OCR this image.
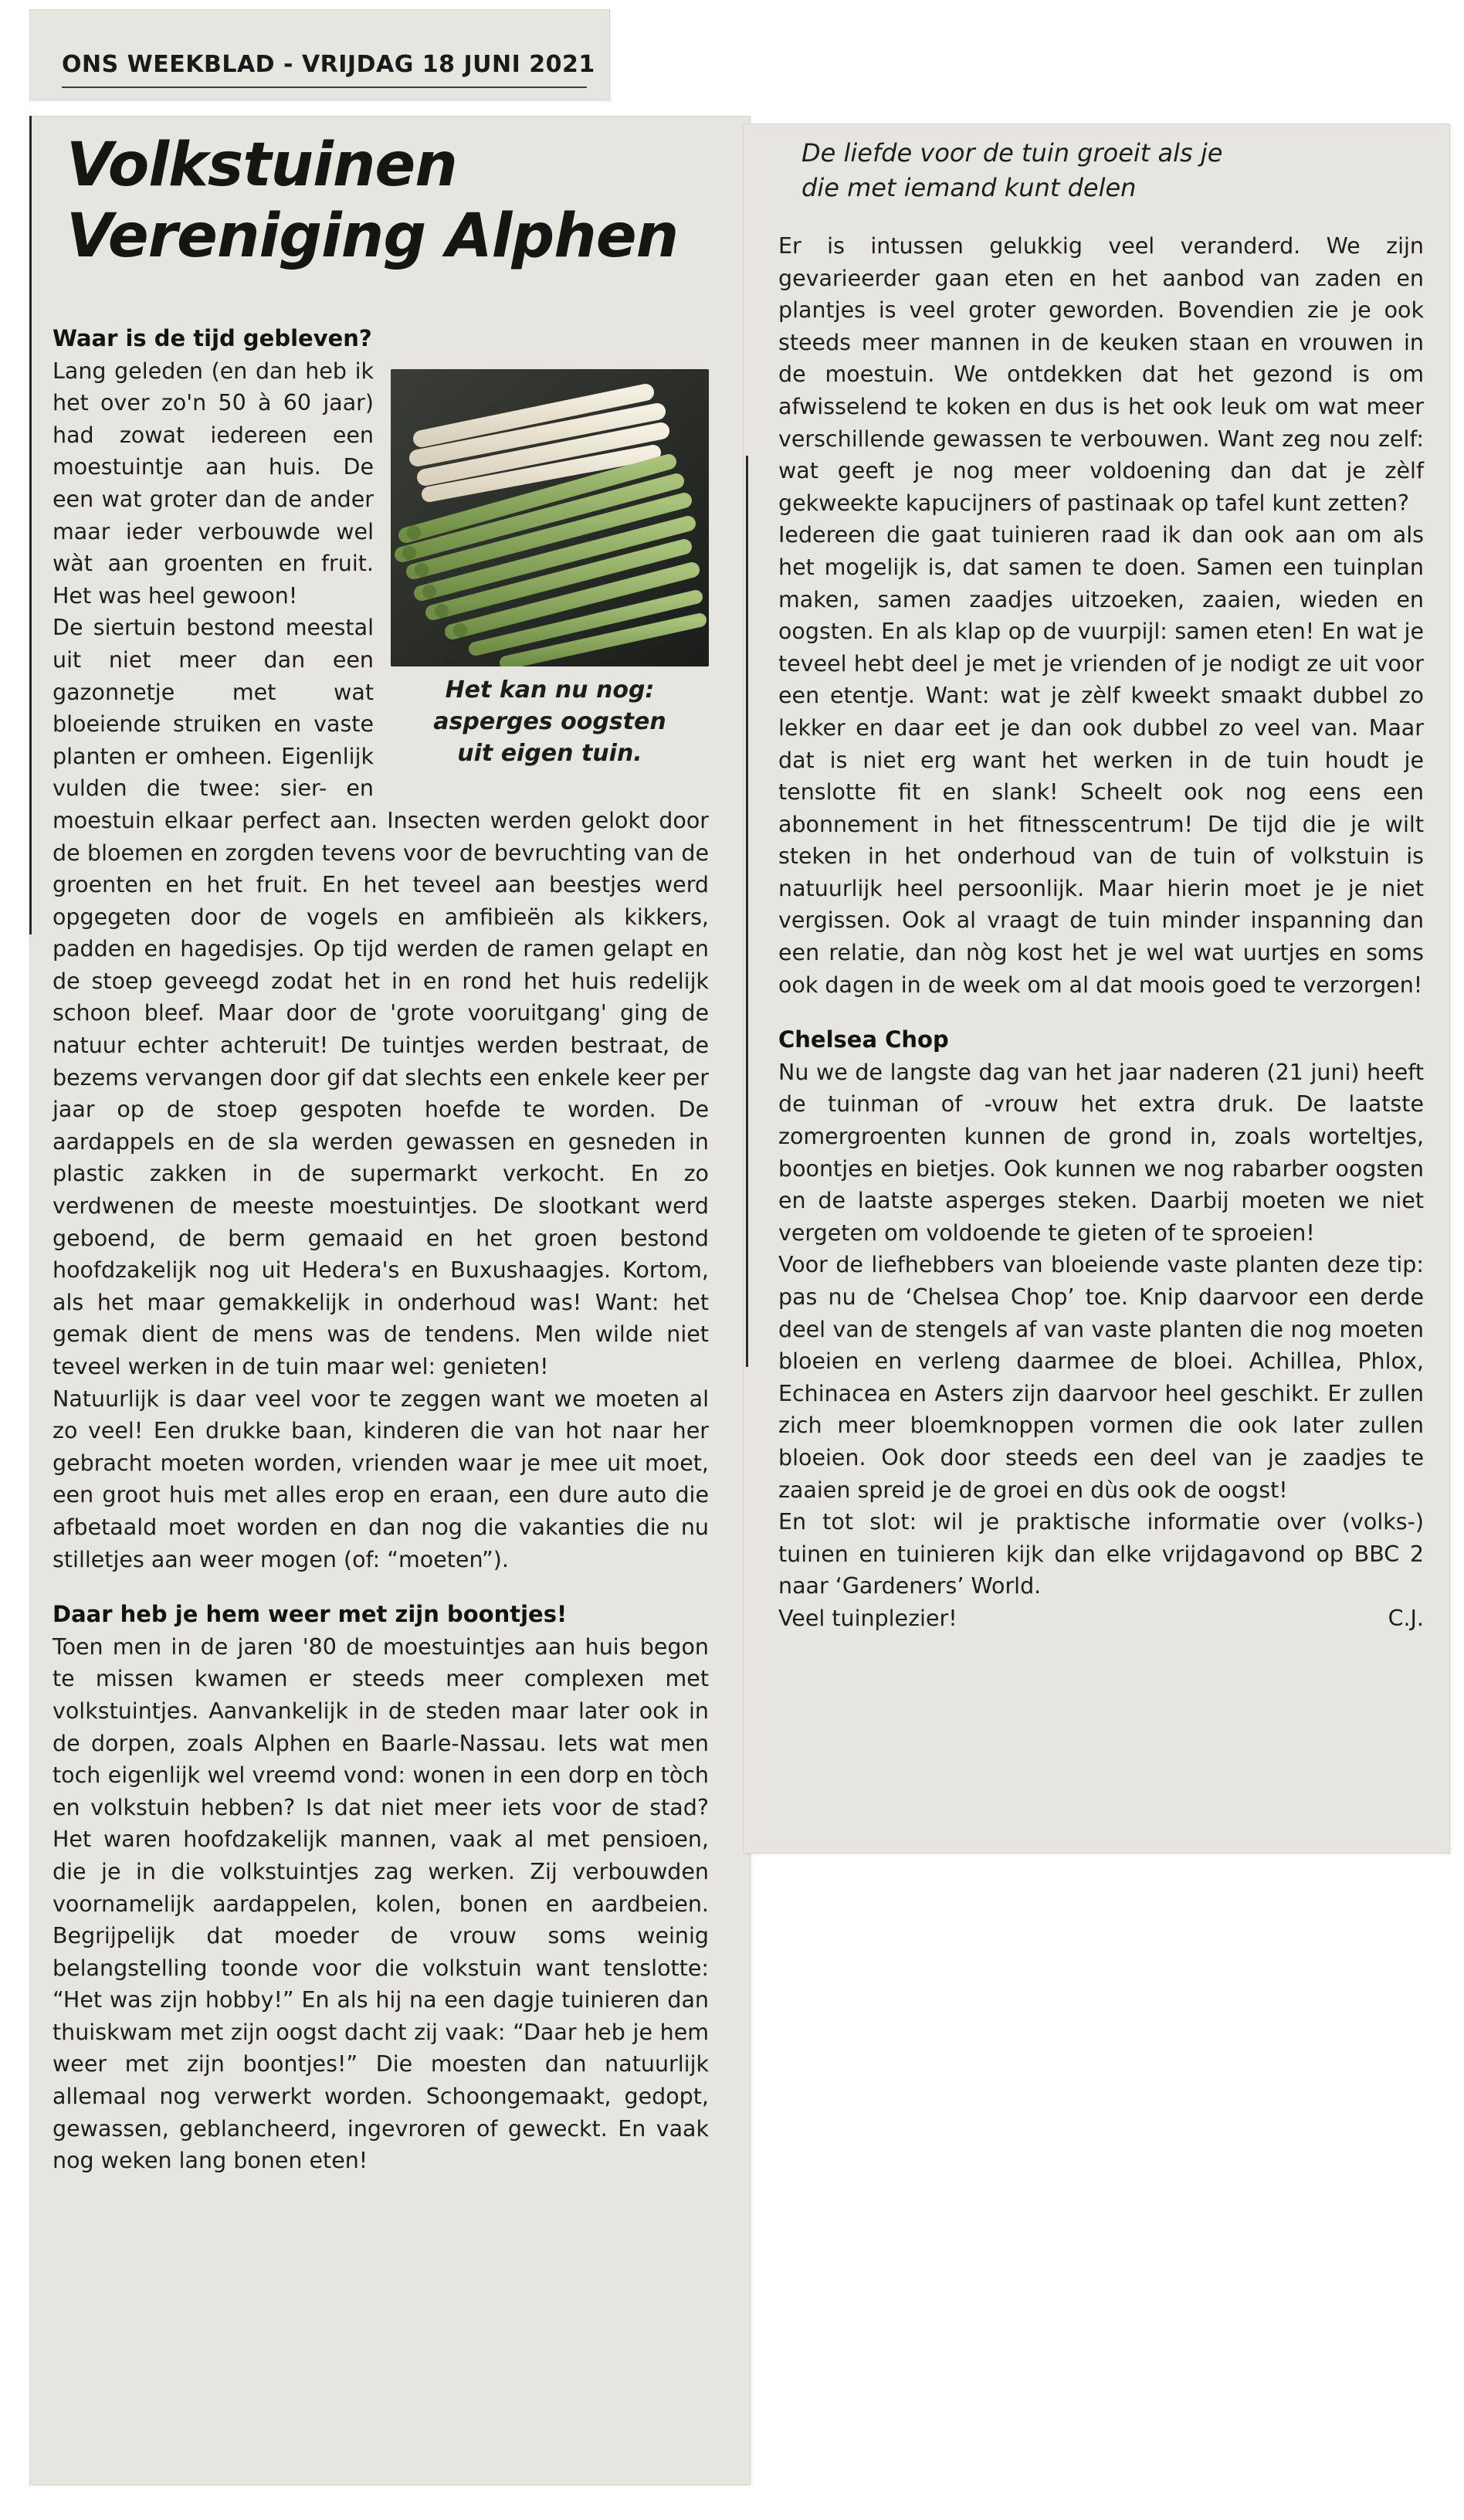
ONS WEEKBLAD - VRIJDAG 18 JUNI 2021
Volkstuinen
Vereniging Alphen

Waar is de tijd gebleven?

Het kan nu nog:
asperges oogsten
uit eigen tuin.

Lang geleden (en dan heb ik het over zo'n 50 à 60 jaar) had zowat iedereen een moestuintje aan huis. De een wat groter dan de ander maar ieder verbouwde wel wàt aan groenten en fruit. Het was heel gewoon!

De siertuin bestond meestal uit niet meer dan een gazonnetje met wat bloeiende struiken en vaste planten er omheen. Eigenlijk vulden die twee: sier- en moestuin elkaar perfect aan. Insecten werden gelokt door de bloemen en zorgden tevens voor de bevruchting van de groenten en het fruit. En het teveel aan beestjes werd opgegeten door de vogels en amfibieën als kikkers, padden en hagedisjes. Op tijd werden de ramen gelapt en de stoep geveegd zodat het in en rond het huis redelijk schoon bleef. Maar door de 'grote vooruitgang' ging de natuur echter achteruit! De tuintjes werden bestraat, de bezems vervangen door gif dat slechts een enkele keer per jaar op de stoep gespoten hoefde te worden. De aardappels en de sla werden gewassen en gesneden in plastic zakken in de supermarkt verkocht. En zo verdwenen de meeste moestuintjes. De slootkant werd geboend, de berm gemaaid en het groen bestond hoofdzakelijk nog uit Hedera's en Buxushaagjes. Kortom, als het maar gemakkelijk in onderhoud was! Want: het gemak dient de mens was de tendens. Men wilde niet teveel werken in de tuin maar wel: genieten!

Natuurlijk is daar veel voor te zeggen want we moeten al zo veel! Een drukke baan, kinderen die van hot naar her gebracht moeten worden, vrienden waar je mee uit moet, een groot huis met alles erop en eraan, een dure auto die afbetaald moet worden en dan nog die vakanties die nu stilletjes aan weer mogen (of: “moeten”).

Daar heb je hem weer met zijn boontjes!

Toen men in de jaren '80 de moestuintjes aan huis begon te missen kwamen er steeds meer complexen met volkstuintjes. Aanvankelijk in de steden maar later ook in de dorpen, zoals Alphen en Baarle-Nassau. Iets wat men toch eigenlijk wel vreemd vond: wonen in een dorp en tòch en volkstuin hebben? Is dat niet meer iets voor de stad? Het waren hoofdzakelijk mannen, vaak al met pensioen, die je in die volkstuintjes zag werken. Zij verbouwden voornamelijk aardappelen, kolen, bonen en aardbeien. Begrijpelijk dat moeder de vrouw soms weinig belangstelling toonde voor die volkstuin want tenslotte: “Het was zijn hobby!” En als hij na een dagje tuinieren dan thuiskwam met zijn oogst dacht zij vaak: “Daar heb je hem weer met zijn boontjes!” Die moesten dan natuurlijk allemaal nog verwerkt worden. Schoongemaakt, gedopt, gewassen, geblancheerd, ingevroren of geweckt. En vaak nog weken lang bonen eten!

De liefde voor de tuin groeit als je
die met iemand kunt delen

Er is intussen gelukkig veel veranderd. We zijn gevarieerder gaan eten en het aanbod van zaden en plantjes is veel groter geworden. Bovendien zie je ook steeds meer mannen in de keuken staan en vrouwen in de moestuin. We ontdekken dat het gezond is om afwisselend te koken en dus is het ook leuk om wat meer verschillende gewassen te verbouwen. Want zeg nou zelf: wat geeft je nog meer voldoening dan dat je zèlf gekweekte kapucijners of pastinaak op tafel kunt zetten?

Iedereen die gaat tuinieren raad ik dan ook aan om als het mogelijk is, dat samen te doen. Samen een tuinplan maken, samen zaadjes uitzoeken, zaaien, wieden en oogsten. En als klap op de vuurpijl: samen eten! En wat je teveel hebt deel je met je vrienden of je nodigt ze uit voor een etentje. Want: wat je zèlf kweekt smaakt dubbel zo lekker en daar eet je dan ook dubbel zo veel van. Maar dat is niet erg want het werken in de tuin houdt je tenslotte fit en slank! Scheelt ook nog eens een abonnement in het fitnesscentrum! De tijd die je wilt steken in het onderhoud van de tuin of volkstuin is natuurlijk heel persoonlijk. Maar hierin moet je je niet vergissen. Ook al vraagt de tuin minder inspanning dan een relatie, dan nòg kost het je wel wat uurtjes en soms ook dagen in de week om al dat moois goed te verzorgen!

Chelsea Chop

Nu we de langste dag van het jaar naderen (21 juni) heeft de tuinman of -vrouw het extra druk. De laatste zomergroenten kunnen de grond in, zoals worteltjes, boontjes en bietjes. Ook kunnen we nog rabarber oogsten en de laatste asperges steken. Daarbij moeten we niet vergeten om voldoende te gieten of te sproeien!

Voor de liefhebbers van bloeiende vaste planten deze tip: pas nu de ‘Chelsea Chop’ toe. Knip daarvoor een derde deel van de stengels af van vaste planten die nog moeten bloeien en verleng daarmee de bloei. Achillea, Phlox, Echinacea en Asters zijn daarvoor heel geschikt. Er zullen zich meer bloemknoppen vormen die ook later zullen bloeien. Ook door steeds een deel van je zaadjes te zaaien spreid je de groei en dùs ook de oogst!

En tot slot: wil je praktische informatie over (volks-) tuinen en tuinieren kijk dan elke vrijdagavond op BBC 2 naar ‘Gardeners’ World.

Veel tuinplezier!	C.J.
